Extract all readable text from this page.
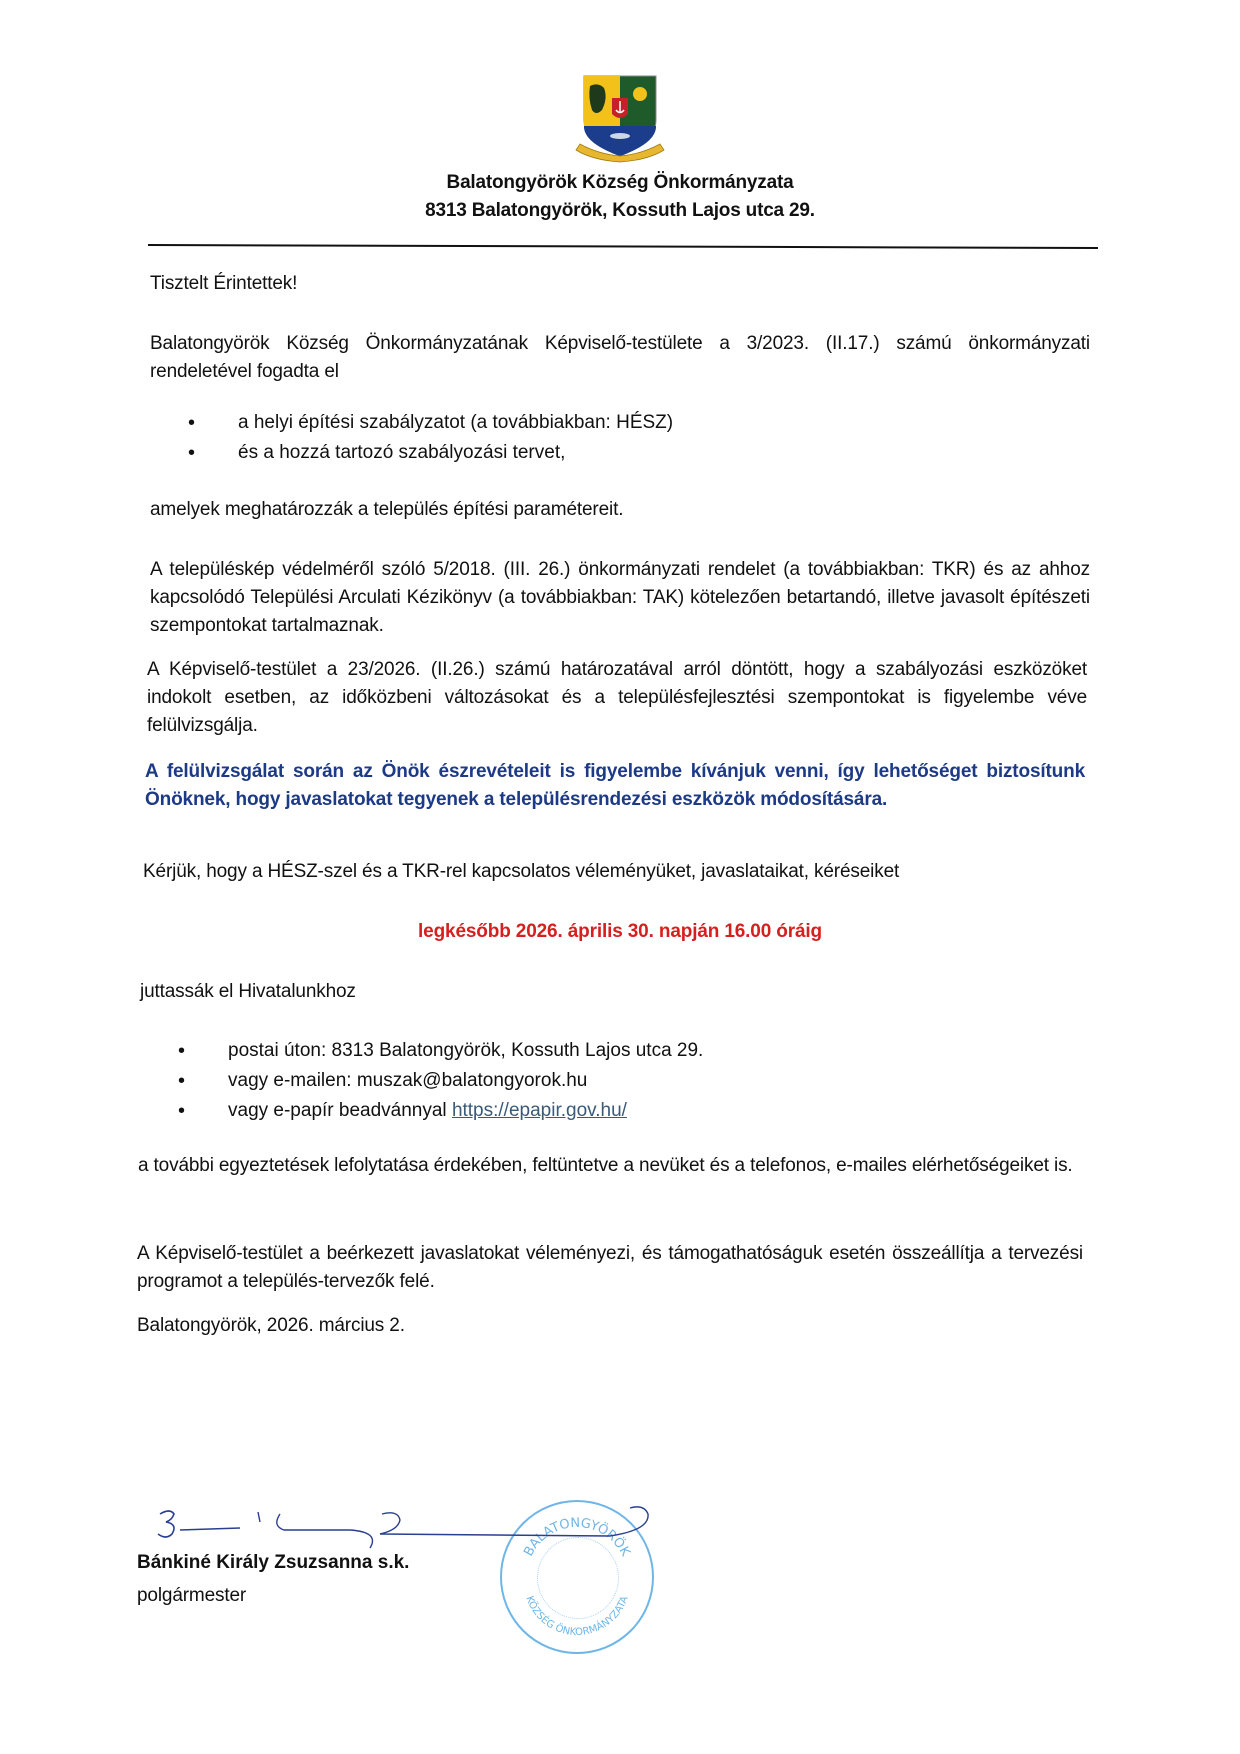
Balatongyörök Község Önkormányzata
8313 Balatongyörök, Kossuth Lajos utca 29.
Tisztelt Érintettek!
Balatongyörök Község Önkormányzatának Képviselő-testülete a 3/2023. (II.17.) számú önkormányzati rendeletével fogadta el
• a helyi építési szabályzatot (a továbbiakban: HÉSZ)
• és a hozzá tartozó szabályozási tervet,
amelyek meghatározzák a település építési paramétereit.
A településkép védelméről szóló 5/2018. (III. 26.) önkormányzati rendelet (a továbbiakban: TKR) és az ahhoz kapcsolódó Települési Arculati Kézikönyv (a továbbiakban: TAK) kötelezően betartandó, illetve javasolt építészeti szempontokat tartalmaznak.
A Képviselő-testület a 23/2026. (II.26.) számú határozatával arról döntött, hogy a szabályozási eszközöket indokolt esetben, az időközbeni változásokat és a településfejlesztési szempontokat is figyelembe véve felülvizsgálja.
A felülvizsgálat során az Önök észrevételeit is figyelembe kívánjuk venni, így lehetőséget biztosítunk Önöknek, hogy javaslatokat tegyenek a településrendezési eszközök módosítására.
Kérjük, hogy a HÉSZ-szel és a TKR-rel kapcsolatos véleményüket, javaslataikat, kéréseiket
legkésőbb 2026. április 30. napján 16.00 óráig
juttassák el Hivatalunkhoz
• postai úton: 8313 Balatongyörök, Kossuth Lajos utca 29.
• vagy e-mailen: muszak@balatongyorok.hu
• vagy e-papír beadvánnyal https://epapir.gov.hu/
a további egyeztetések lefolytatása érdekében, feltüntetve a nevüket és a telefonos, e-mailes elérhetőségeiket is.
A Képviselő-testület a beérkezett javaslatokat véleményezi, és támogathatóságuk esetén összeállítja a tervezési programot a település-tervezők felé.
Balatongyörök, 2026. március 2.
BALATONGYÖRÖK
KÖZSÉG ÖNKORMÁNYZATA
Bánkiné Király Zsuzsanna s.k.
polgármester
